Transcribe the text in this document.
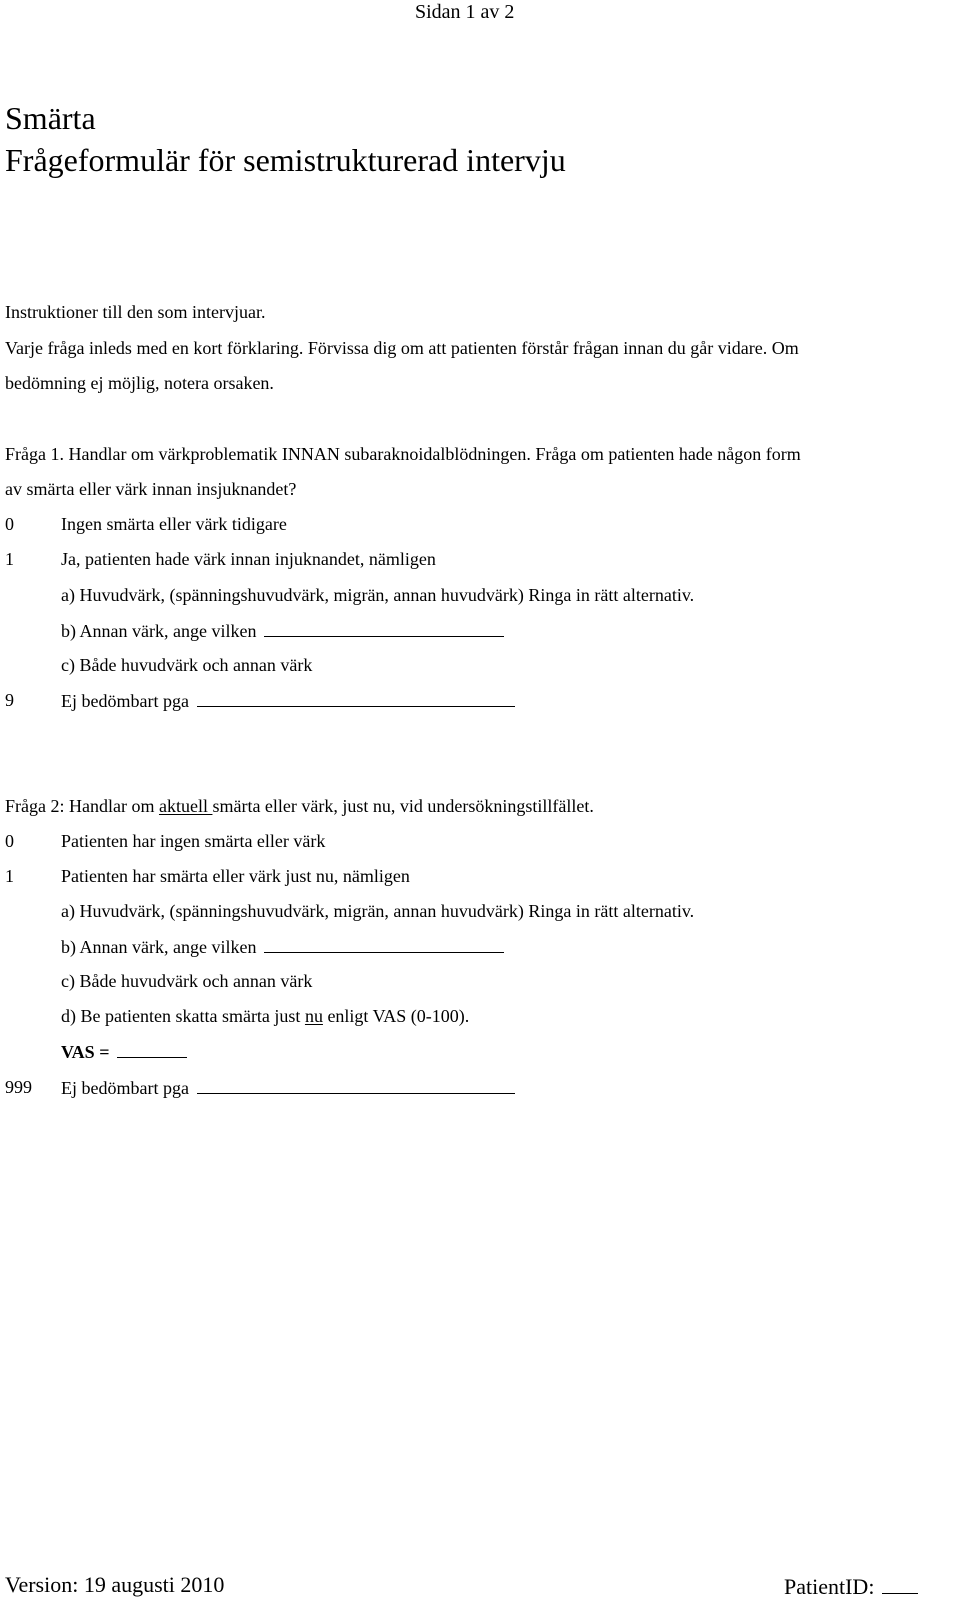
Sidan 1 av 2
Smärta
Frågeformulär för semistrukturerad intervju
Instruktioner till den som intervjuar.
Varje fråga inleds med en kort förklaring. Förvissa dig om att patienten förstår frågan innan du går vidare. Om
bedömning ej möjlig, notera orsaken.
Fråga 1. Handlar om värkproblematik INNAN subaraknoidalblödningen. Fråga om patienten hade någon form
av smärta eller värk innan insjuknandet?
0	Ingen smärta eller värk tidigare
1	Ja, patienten hade värk innan injuknandet, nämligen
a) Huvudvärk, (spänningshuvudvärk, migrän, annan huvudvärk) Ringa in rätt alternativ.
b) Annan värk, ange vilken
c) Både huvudvärk och annan värk
9	Ej bedömbart pga
Fråga 2: Handlar om aktuell smärta eller värk, just nu, vid undersökningstillfället.
0	Patienten har ingen smärta eller värk
1	Patienten har smärta eller värk just nu, nämligen
a) Huvudvärk, (spänningshuvudvärk, migrän, annan huvudvärk) Ringa in rätt alternativ.
b) Annan värk, ange vilken
c) Både huvudvärk och annan värk
d) Be patienten skatta smärta just nu enligt VAS (0-100).
VAS =
999 Ej bedömbart pga
Version: 19 augusti 2010	PatientID:
